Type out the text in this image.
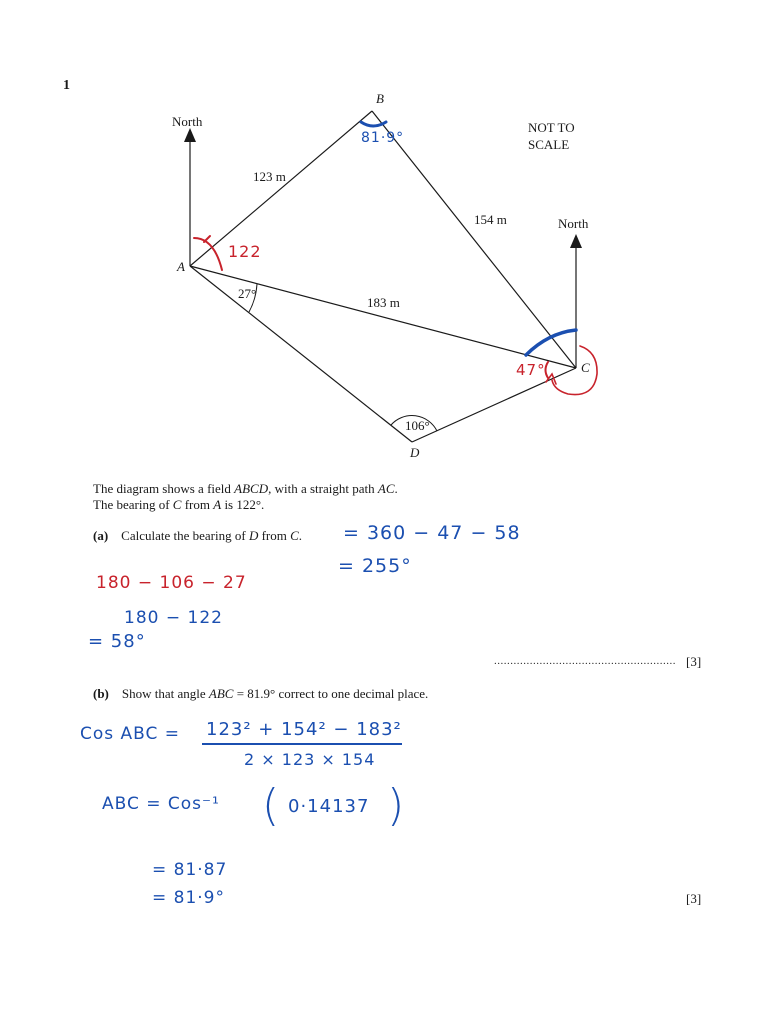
1
B
A
C
D
North
North
NOT TO
SCALE
123 m
154 m
183 m
27°
106°
81·9°
122
47°
The diagram shows a field ABCD, with a straight path AC.
The bearing of C from A is 122°.
(a) Calculate the bearing of D from C. = 360 − 47 − 58
= 255°
180 − 106 − 27
180 − 122
= 58°
........................................................ [3]
(b) Show that angle ABC = 81.9° correct to one decimal place.
Cos ABC = 123² + 154² − 183²
2 × 123 × 154
ABC = Cos⁻¹ ( 0·14137 )
= 81·87
= 81·9°	[3]
